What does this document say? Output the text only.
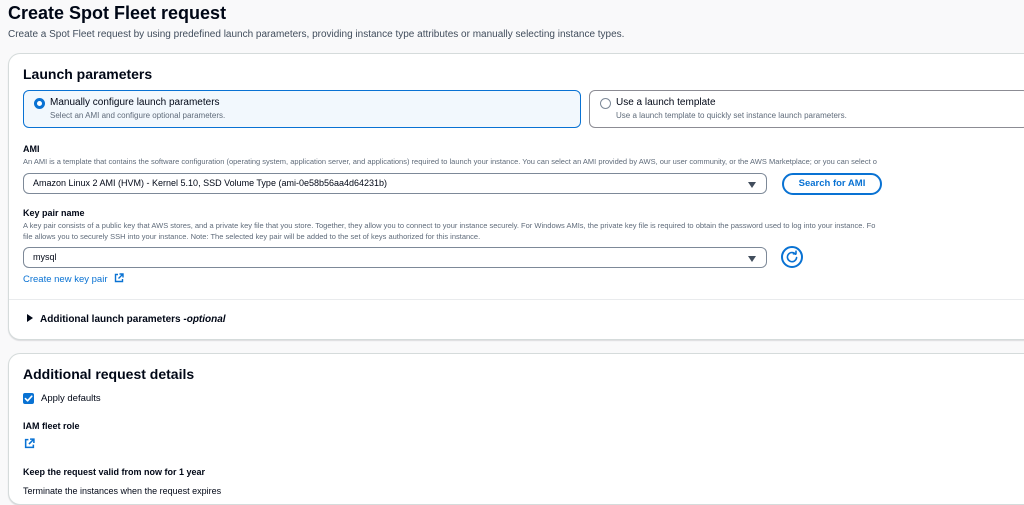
Create Spot Fleet request
Create a Spot Fleet request by using predefined launch parameters, providing instance type attributes or manually selecting instance types.
Launch parameters
Manually configure launch parameters
Select an AMI and configure optional parameters.
Use a launch template
Use a launch template to quickly set instance launch parameters.
AMI
An AMI is a template that contains the software configuration (operating system, application server, and applications) required to launch your instance. You can select an AMI provided by AWS, our user community, or the AWS Marketplace; or you can select o
Amazon Linux 2 AMI (HVM) - Kernel 5.10, SSD Volume Type (ami-0e58b56aa4d64231b)	Search for AMI
Key pair name
A key pair consists of a public key that AWS stores, and a private key file that you store. Together, they allow you to connect to your instance securely. For Windows AMIs, the private key file is required to obtain the password used to log into your instance. Fo
file allows you to securely SSH into your instance. Note: The selected key pair will be added to the set of keys authorized for this instance.
mysql
Create new key pair
Additional launch parameters -optional
Additional request details
Apply defaults
IAM fleet role
Keep the request valid from now for 1 year
Terminate the instances when the request expires
